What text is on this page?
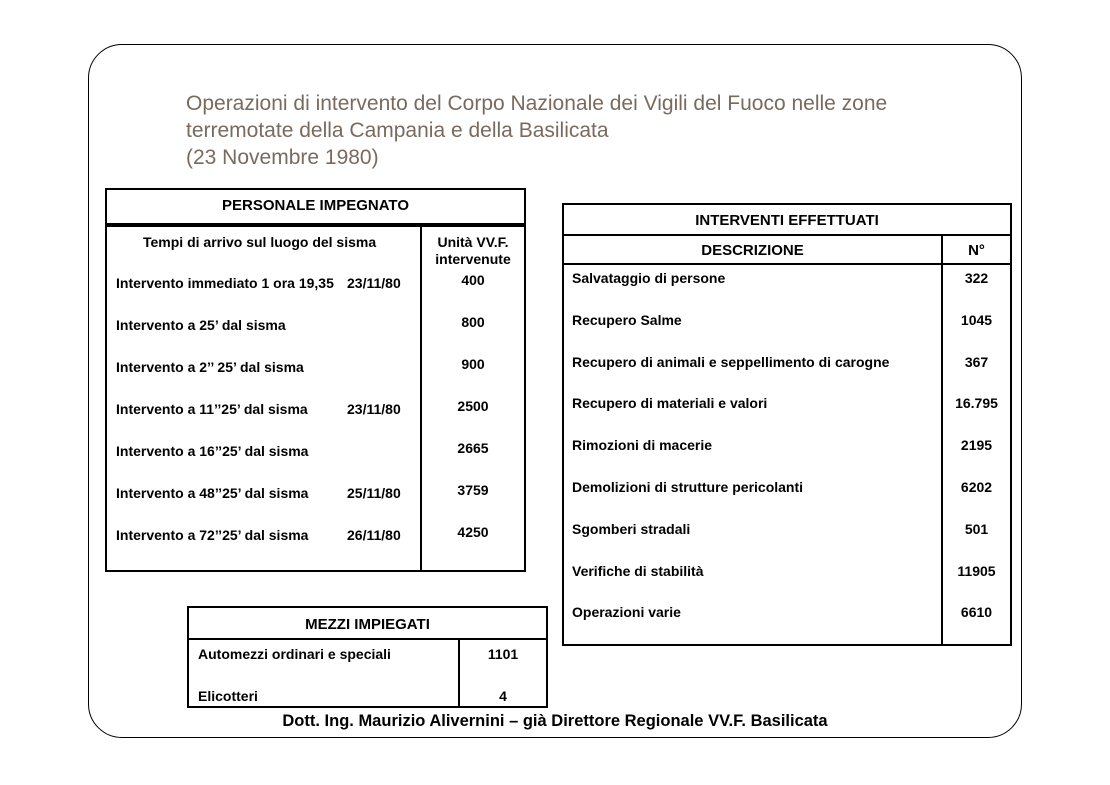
Operazioni di intervento del Corpo Nazionale dei Vigili del Fuoco nelle zone
terremotate della Campania e della Basilicata
(23 Novembre 1980)
PERSONALE IMPEGNATO
Tempi di arrivo sul luogo del sisma	Unità VV.F.
intervenute
Intervento immediato 1 ora 19,35 23/11/80	400
Intervento a 25’ dal sisma	800
Intervento a 2’’ 25’ dal sisma	900
Intervento a 11’’25’ dal sisma	23/11/80	2500
Intervento a 16’’25’ dal sisma	2665
Intervento a 48’’25’ dal sisma	25/11/80	3759
Intervento a 72’’25’ dal sisma	26/11/80	4250
INTERVENTI EFFETTUATI
DESCRIZIONE	N°
Salvataggio di persone	322
Recupero Salme	1045
Recupero di animali e seppellimento di carogne	367
Recupero di materiali e valori	16.795
Rimozioni di macerie	2195
Demolizioni di strutture pericolanti	6202
Sgomberi stradali	501
Verifiche di stabilità	11905
Operazioni varie	6610
MEZZI IMPIEGATI
Automezzi ordinari e speciali	1101
Elicotteri	4
Dott. Ing. Maurizio Alivernini – già Direttore Regionale VV.F. Basilicata
